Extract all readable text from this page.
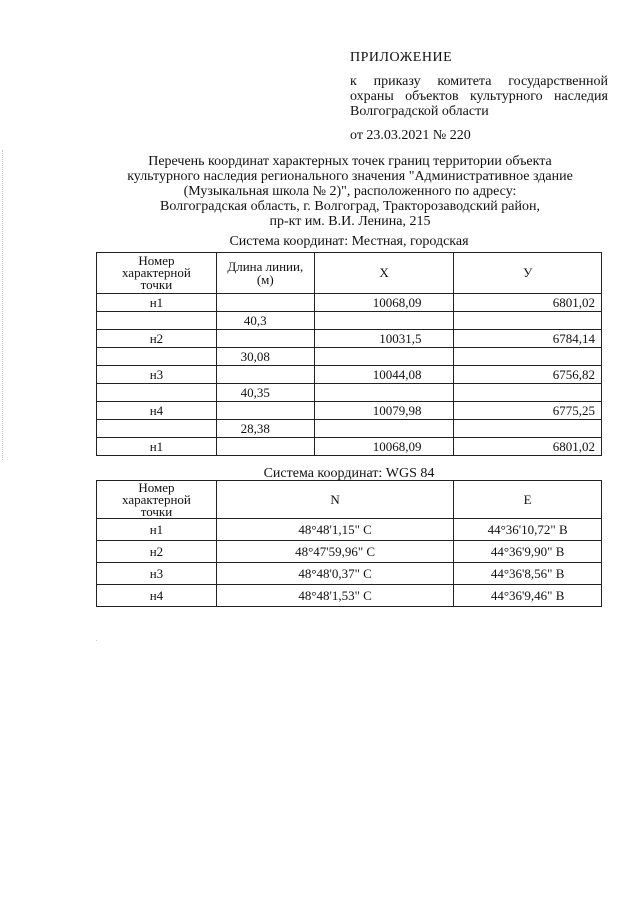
ПРИЛОЖЕНИЕ
к приказу комитета государственной охраны объектов культурного наследия Волгоградской области
от 23.03.2021 № 220
Перечень координат характерных точек границ территории объекта
культурного наследия регионального значения "Административное здание
(Музыкальная школа № 2)", расположенного по адресу:
Волгоградская область, г. Волгоград, Тракторозаводский район,
пр-кт им. В.И. Ленина, 215
Система координат: Местная, городская
Номер характерной точки	Длина линии, (м)	X	У
н1		10068,09	6801,02
	40,3		
н2		10031,5	6784,14
	30,08		
н3		10044,08	6756,82
	40,35		
н4		10079,98	6775,25
	28,38		
н1		10068,09	6801,02
Система координат: WGS 84
Номер характерной точки	N	E
н1	48°48'1,15" С	44°36'10,72" В
н2	48°47'59,96" С	44°36'9,90" В
н3	48°48'0,37" С	44°36'8,56" В
н4	48°48'1,53" С	44°36'9,46" В
